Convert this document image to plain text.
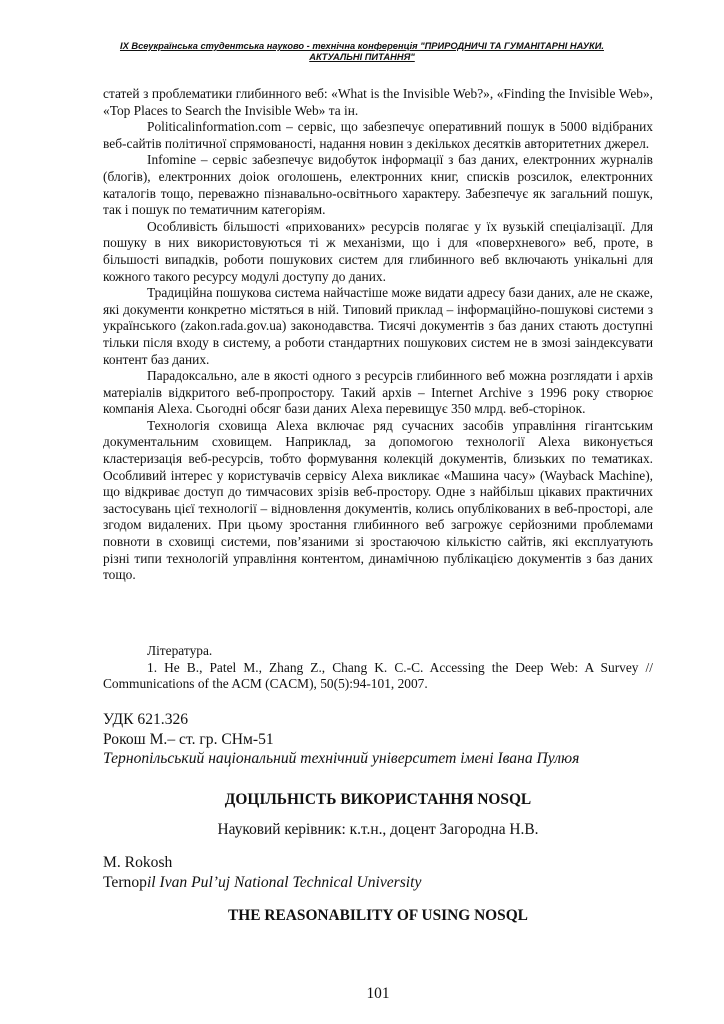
IX Всеукраїнська студентська науково - технічна конференція "ПРИРОДНИЧІ ТА ГУМАНІТАРНІ НАУКИ.
АКТУАЛЬНІ ПИТАННЯ"

статей з проблематики глибинного веб: «What is the Invisible Web?», «Finding the Invisible Web», «Top Places to Search the Invisible Web» та ін.

Politicalinformation.com – сервіс, що забезпечує оперативний пошук в 5000 відібраних веб-сайтів політичної спрямованості, надання новин з декількох десятків авторитетних джерел.

Infomine – сервіс забезпечує видобуток інформації з баз даних, електронних журналів (блогів), електронних доіок оголошень, електронних книг, списків розсилок, електронних каталогів тощо, переважно пізнавально-освітнього характеру. Забезпечує як загальний пошук, так і пошук по тематичним категоріям.

Особливість більшості «прихованих» ресурсів полягає у їх вузькій спеціалізації. Для пошуку в них використовуються ті ж механізми, що і для «поверхневого» веб, проте, в більшості випадків, роботи пошукових систем для глибинного веб включають унікальні для кожного такого ресурсу модулі доступу до даних.

Традиційна пошукова система найчастіше може видати адресу бази даних, але не скаже, які документи конкретно містяться в ній. Типовий приклад – інформаційно-пошукові системи з українського (zakon.rada.gov.ua) законодавства. Тисячі документів з баз даних стають доступні тільки після входу в систему, а роботи стандартних пошукових систем не в змозі заіндексувати контент баз даних.

Парадоксально, але в якості одного з ресурсів глибинного веб можна розглядати і архів матеріалів відкритого веб-пропростору. Такий архів – Internet Archive з 1996 року створює компанія Alexa. Сьогодні обсяг бази даних Alexa перевищує 350 млрд. веб-сторінок.

Технологія сховища Alexa включає ряд сучасних засобів управління гігантським документальним сховищем. Наприклад, за допомогою технології Alexa виконується кластеризація веб-ресурсів, тобто формування колекцій документів, близьких по тематиках. Особливий інтерес у користувачів сервісу Alexa викликає «Машина часу» (Wayback Machine), що відкриває доступ до тимчасових зрізів веб-простору. Одне з найбільш цікавих практичних застосувань цієї технології – відновлення документів, колись опублікованих в веб-просторі, але згодом видалених. При цьому зростання глибинного веб загрожує серйозними проблемами повноти в сховищі системи, пов’язаними зі зростаючою кількістю сайтів, які експлуатують різні типи технологій управління контентом, динамічною публікацією документів з баз даних тощо.

Література.

1. He B., Patel M., Zhang Z., Chang K. C.-C. Accessing the Deep Web: A Survey // Communications of the ACM (CACM), 50(5):94-101, 2007.

УДК 621.326
Рокош М.– ст. гр. СНм-51
Тернопільський національний технічний університет імені Івана Пулюя
ДОЦІЛЬНІСТЬ ВИКОРИСТАННЯ NOSQL
Науковий керівник: к.т.н., доцент Загородна Н.В.
M. Rokosh
Ternopil Ivan Pul’uj National Technical University
THE REASONABILITY OF USING NOSQL
101
